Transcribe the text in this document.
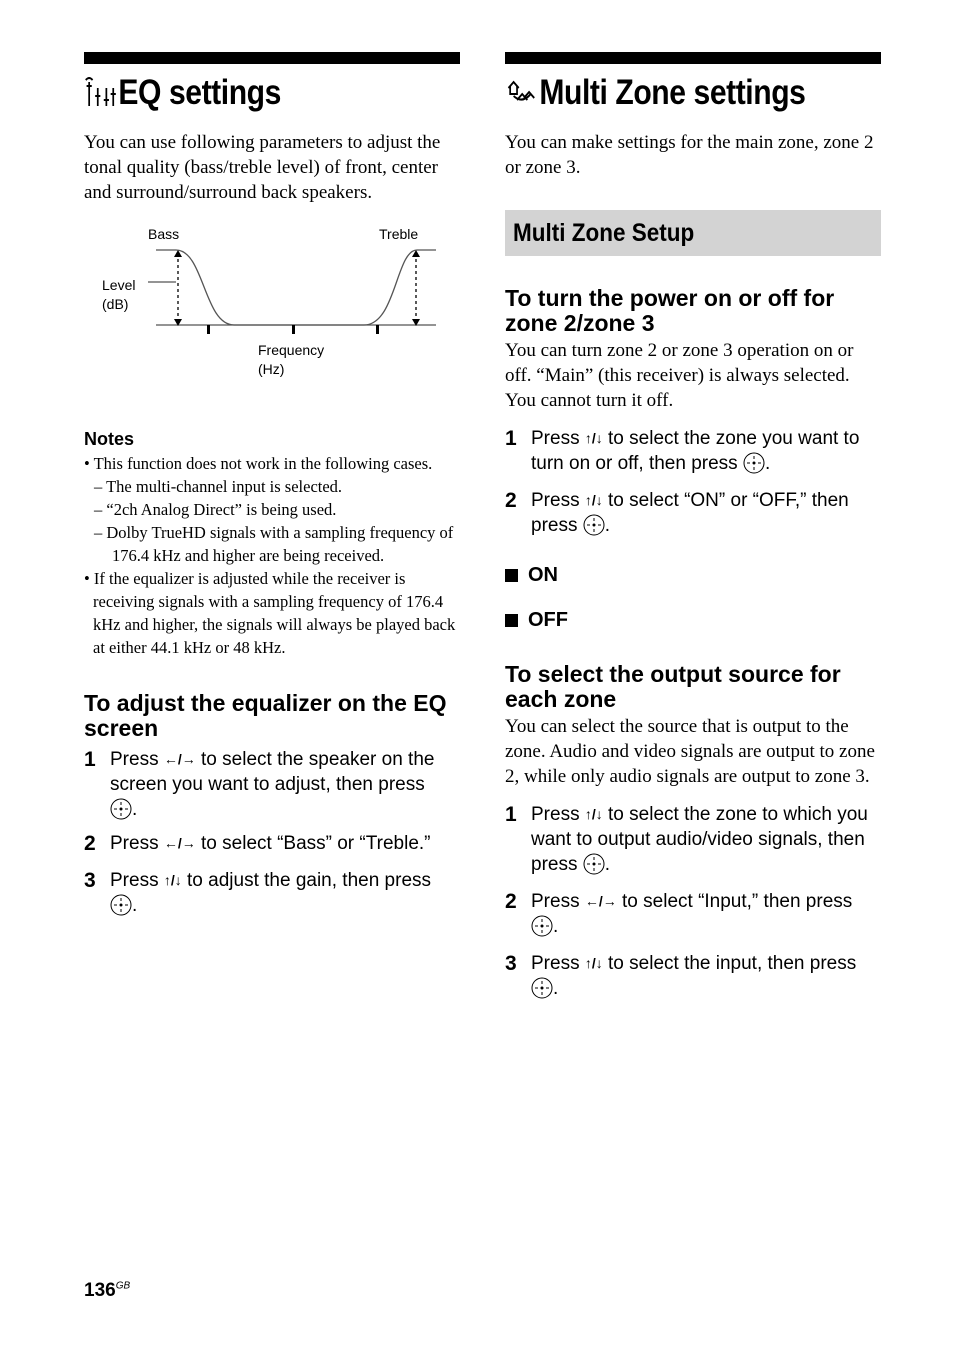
EQ settings

You can use following parameters to adjust the tonal quality (bass/treble level) of front, center and surround/surround back speakers.

Bass	Treble
Level
(dB)
Frequency
(Hz)
Notes
• This function does not work in the following cases.
– The multi-channel input is selected.
– “2ch Analog Direct” is being used.
– Dolby TrueHD signals with a sampling frequency of 176.4 kHz and higher are being received.
• If the equalizer is adjusted while the receiver is receiving signals with a sampling frequency of 176.4 kHz and higher, the signals will always be played back at either 44.1 kHz or 48 kHz.
To adjust the equalizer on the EQ screen
1 Press ←/→ to select the speaker on the screen you want to adjust, then press
.
2 Press ←/→ to select “Bass” or “Treble.”
3 Press ↑/↓ to adjust the gain, then press
.
Multi Zone settings

You can make settings for the main zone, zone 2 or zone 3.

Multi Zone Setup
To turn the power on or off for zone 2/zone 3

You can turn zone 2 or zone 3 operation on or off. “Main” (this receiver) is always selected. You cannot turn it off.

1 Press ↑/↓ to select the zone you want to turn on or off, then press .
2 Press ↑/↓ to select “ON” or “OFF,” then press .
ON
OFF
To select the output source for each zone

You can select the source that is output to the zone. Audio and video signals are output to zone 2, while only audio signals are output to zone 3.

1 Press ↑/↓ to select the zone to which you want to output audio/video signals, then press .
2 Press ←/→ to select “Input,” then press
.
3 Press ↑/↓ to select the input, then press .
$136^{GB}$
